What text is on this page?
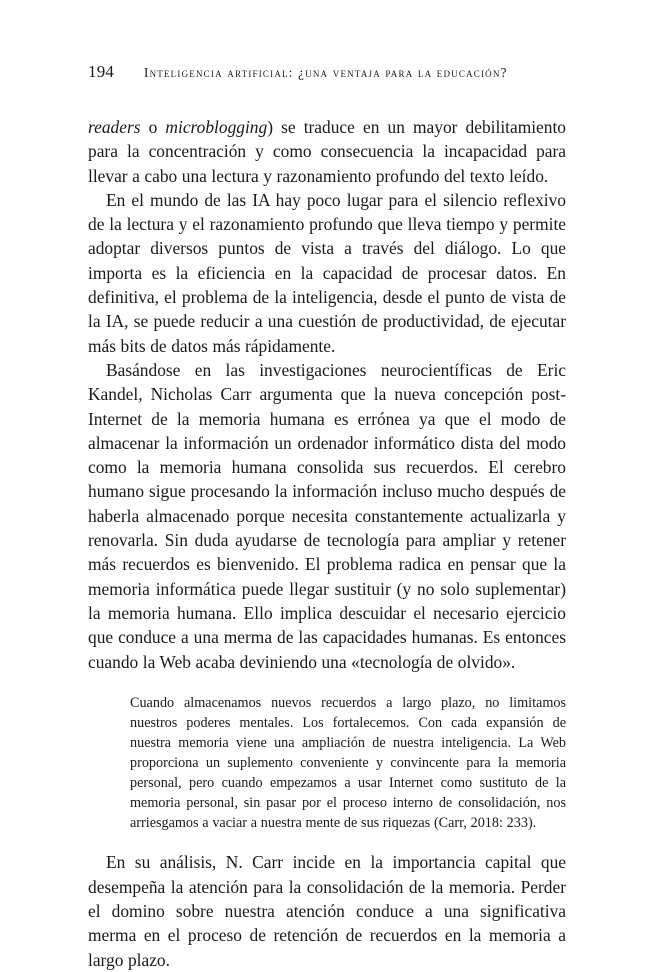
194	Inteligencia artificial: ¿una ventaja para la educación?

readers o microblogging) se traduce en un mayor debilitamiento para la concentración y como consecuencia la incapacidad para llevar a cabo una lectura y razonamiento profundo del texto leído.

En el mundo de las IA hay poco lugar para el silencio reflexivo de la lectura y el razonamiento profundo que lleva tiempo y permite adoptar diversos puntos de vista a través del diálogo. Lo que importa es la eficiencia en la capacidad de procesar datos. En definitiva, el problema de la inteligencia, desde el punto de vista de la IA, se puede reducir a una cuestión de productividad, de ejecutar más bits de datos más rápidamente.

Basándose en las investigaciones neurocientíficas de Eric Kandel, Nicholas Carr argumenta que la nueva concepción post-Internet de la memoria humana es errónea ya que el modo de almacenar la información un ordenador informático dista del modo como la memoria humana consolida sus recuerdos. El cerebro humano sigue procesando la información incluso mucho después de haberla almacenado porque necesita constantemente actualizarla y renovarla. Sin duda ayudarse de tecnología para ampliar y retener más recuerdos es bienvenido. El problema radica en pensar que la memoria informática puede llegar sustituir (y no solo suplementar) la memoria humana. Ello implica descuidar el necesario ejercicio que conduce a una merma de las capacidades humanas. Es entonces cuando la Web acaba deviniendo una «tecnología de olvido».

Cuando almacenamos nuevos recuerdos a largo plazo, no limitamos nuestros poderes mentales. Los fortalecemos. Con cada expansión de nuestra memoria viene una ampliación de nuestra inteligencia. La Web proporciona un suplemento conveniente y convincente para la memoria personal, pero cuando empezamos a usar Internet como sustituto de la memoria personal, sin pasar por el proceso interno de consolidación, nos arriesgamos a vaciar a nuestra mente de sus riquezas (Carr, 2018: 233).

En su análisis, N. Carr incide en la importancia capital que desempeña la atención para la consolidación de la memoria. Perder el domino sobre nuestra atención conduce a una significativa merma en el proceso de retención de recuerdos en la memoria a largo plazo.
